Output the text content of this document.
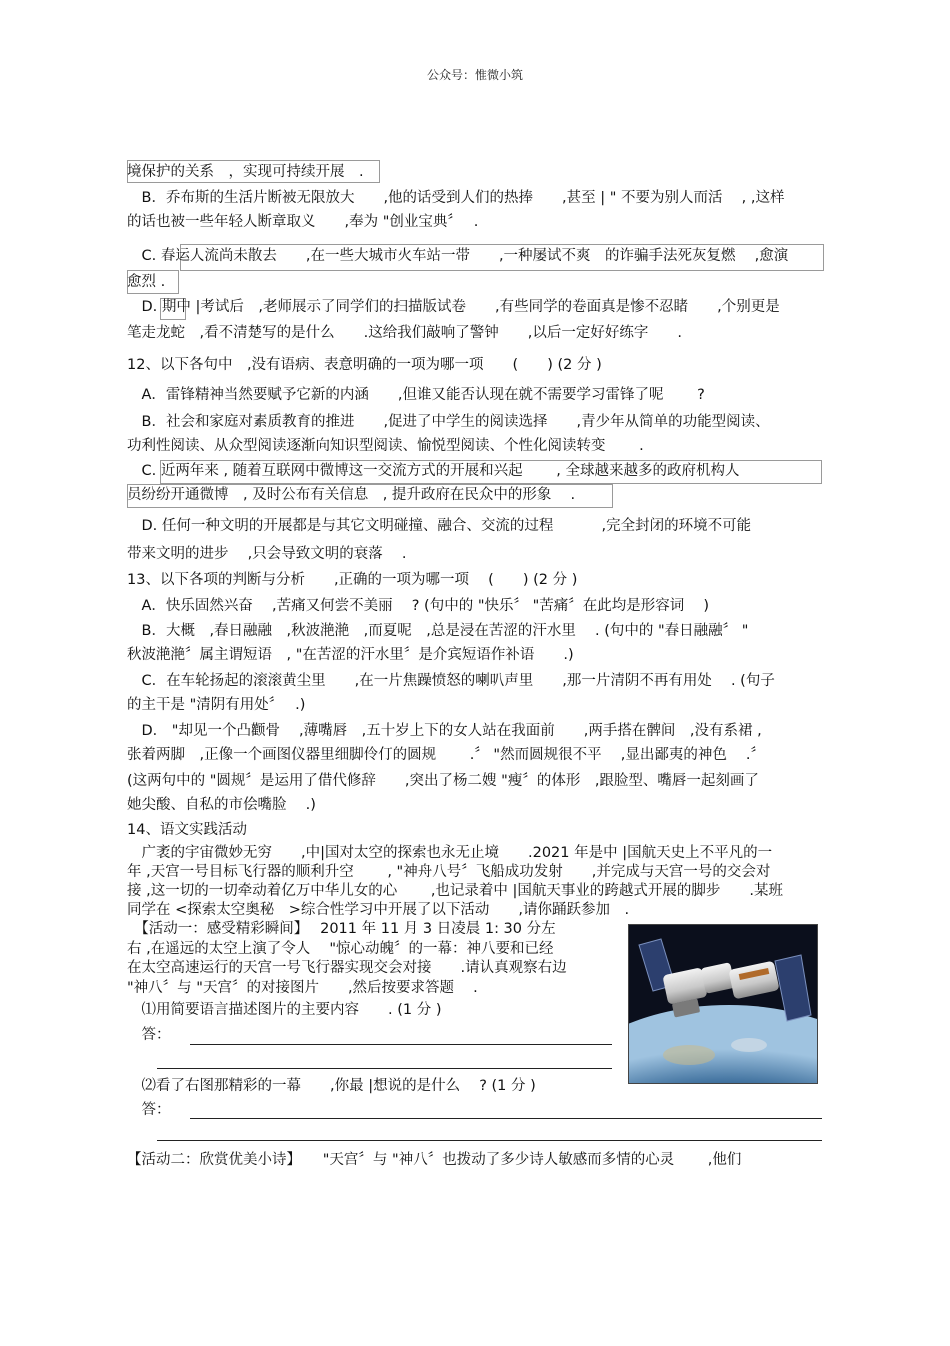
公众号：惟微小筑
境保护的关系　，实现可持续开展　.
　B．乔布斯的生活片断被无限放大　　,他的话受到人们的热捧　　,甚至 | " 不要为别人而活　 , ,这样
的话也被一些年轻人断章取义　　,奉为 "创业宝典〞　 .
　C. 春运人流尚未散去　　,在一些大城市火车站一带　　,一种屡试不爽　的诈骗手法死灰复燃　 ,愈演
愈烈 .
　D. 期中 |考试后　,老师展示了同学们的扫描版试卷　　,有些同学的卷面真是惨不忍睹　　,个别更是
笔走龙蛇　,看不清楚写的是什么　　.这给我们敲响了警钟　　,以后一定好好练字　　.
12、以下各句中　,没有语病、表意明确的一项为哪一项　　(　　) (2 分 )
　A．雷锋精神当然要赋予它新的内涵　　,但谁又能否认现在就不需要学习雷锋了呢　　 ?
　B．社会和家庭对素质教育的推进　　,促进了中学生的阅读选择　　,青少年从简单的功能型阅读、
功利性阅读、从众型阅读逐渐向知识型阅读、愉悦型阅读、个性化阅读转变　　 .
　C. 近两年来 , 随着互联网中微博这一交流方式的开展和兴起　　 , 全球越来越多的政府机构人
员纷纷开通微博　, 及时公布有关信息　, 提升政府在民众中的形象　 .
　D. 任何一种文明的开展都是与其它文明碰撞、融合、交流的过程　　　 ,完全封闭的环境不可能
带来文明的进步　 ,只会导致文明的衰落　 .
13、以下各项的判断与分析　　,正确的一项为哪一项　 (　　) (2 分 )
　A．快乐固然兴奋　 ,苦痛又何尝不美丽　 ? (句中的 "快乐〞 "苦痛〞在此均是形容词　 )
　B．大概　,春日融融　,秋波滟滟　,而夏呢　,总是浸在苦涩的汗水里　 . (句中的 "春日融融〞 "
秋波滟滟〞属主谓短语　, "在苦涩的汗水里〞是介宾短语作补语　　.)
　C．在车轮扬起的滚滚黄尘里　　,在一片焦躁愤怒的喇叭声里　　,那一片清阴不再有用处　 . (句子
的主干是 "清阴有用处〞　 .)
　D． "却见一个凸颧骨　 ,薄嘴唇　,五十岁上下的女人站在我面前　　,两手搭在髀间　,没有系裙 ,
张着两脚　,正像一个画图仪器里细脚伶仃的圆规　　 .〞 "然而圆规很不平　 ,显出鄙夷的神色　 .〞
(这两句中的 "圆规〞是运用了借代修辞　　,突出了杨二嫂 "瘦〞的体形　,跟脸型、嘴唇一起刻画了
她尖酸、自私的市侩嘴脸　 .)
14、语文实践活动
　广袤的宇宙微妙无穷　　,中|国对太空的探索也永无止境　　.2021 年是中 |国航天史上不平凡的一
年 ,天宫一号目标飞行器的顺利升空　　 , "神舟八号〞飞船成功发射　　,并完成与天宫一号的交会对
接 ,这一切的一切牵动着亿万中华儿女的心　　 ,也记录着中 |国航天事业的跨越式开展的脚步　　.某班
同学在 <探索太空奥秘　>综合性学习中开展了以下活动　　,请你踊跃参加　.
　【活动一：感受精彩瞬间】　 2011 年 11 月 3 日凌晨 1: 30 分左
右 ,在遥远的太空上演了令人　 "惊心动魄〞的一幕：神八要和已经
在太空高速运行的天宫一号飞行器实现交会对接　　.请认真观察右边
"神八〞与 "天宫〞的对接图片　　,然后按要求答题　 .
　⑴用简要语言描述图片的主要内容　　. (1 分 )
　答：
　⑵看了右图那精彩的一幕　　,你最 |想说的是什么　 ? (1 分 )
　答：
【活动二：欣赏优美小诗】　　"天宫〞与 "神八〞也拨动了多少诗人敏感而多情的心灵　　 ,他们
